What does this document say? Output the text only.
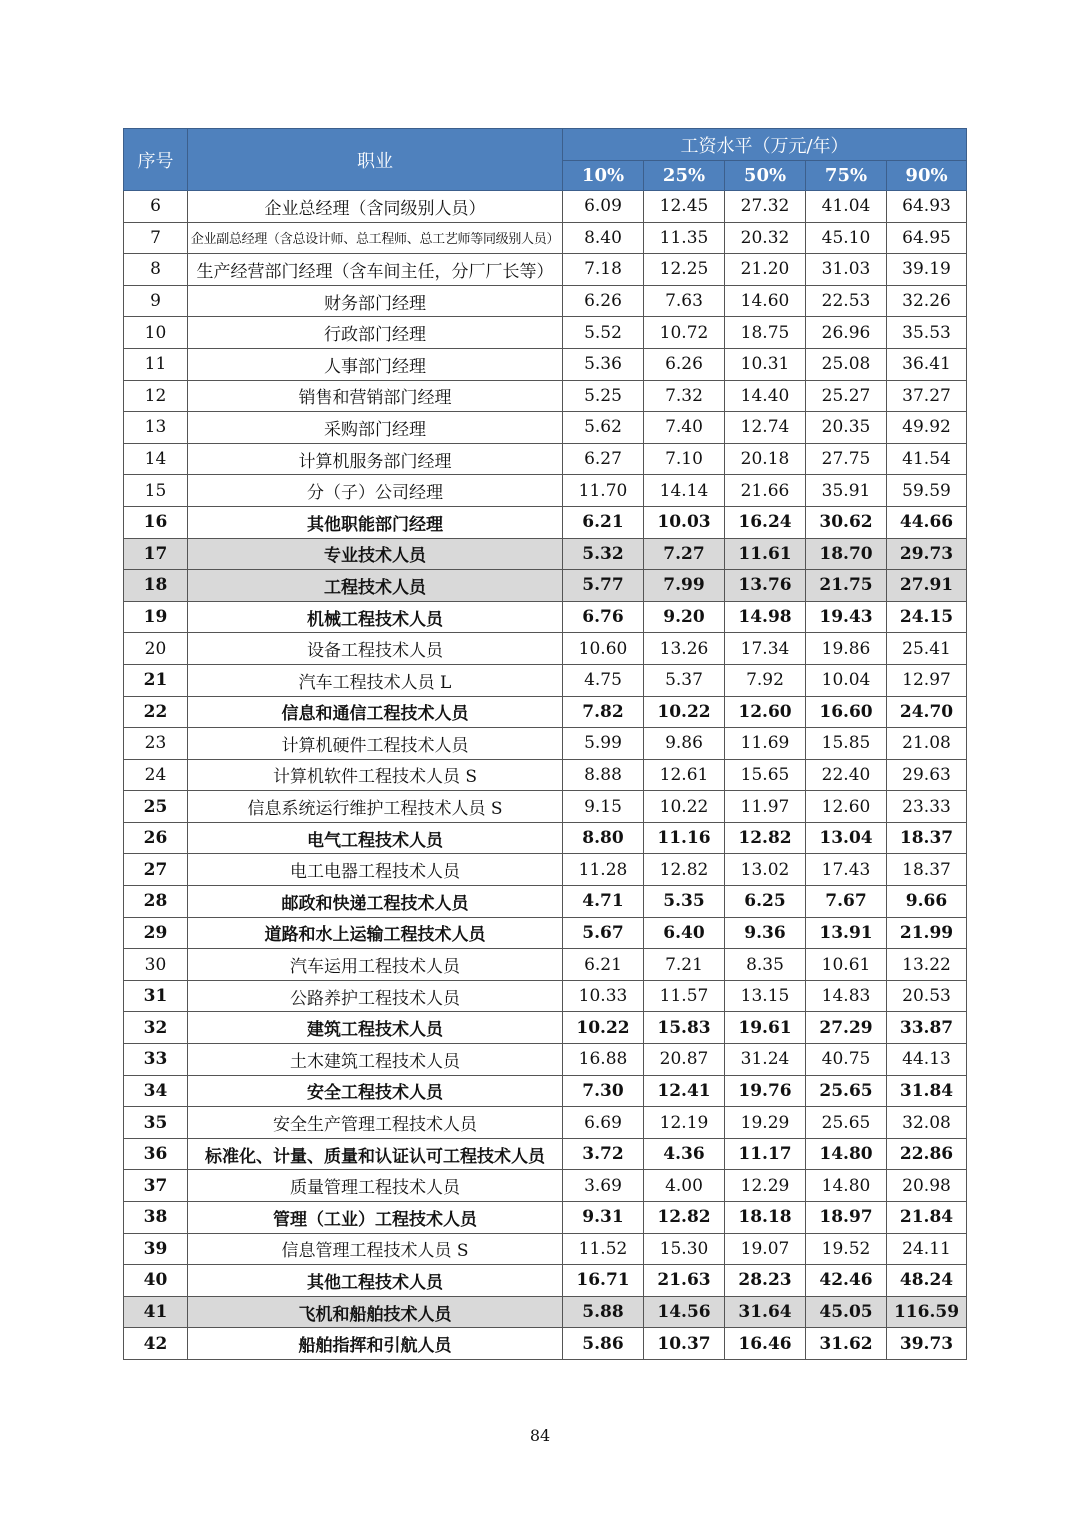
序号	职业	工资水平（万元/年）				
		10%	25%	50%	75%	90%
6	企业总经理（含同级别人员）	6.09	12.45	27.32	41.04	64.93
7	企业副总经理（含总设计师、总工程师、总工艺师等同级别人员）	8.40	11.35	20.32	45.10	64.95
8	生产经营部门经理（含车间主任，分厂厂长等）	7.18	12.25	21.20	31.03	39.19
9	财务部门经理	6.26	7.63	14.60	22.53	32.26
10	行政部门经理	5.52	10.72	18.75	26.96	35.53
11	人事部门经理	5.36	6.26	10.31	25.08	36.41
12	销售和营销部门经理	5.25	7.32	14.40	25.27	37.27
13	采购部门经理	5.62	7.40	12.74	20.35	49.92
14	计算机服务部门经理	6.27	7.10	20.18	27.75	41.54
15	分（子）公司经理	11.70	14.14	21.66	35.91	59.59
16	其他职能部门经理	6.21	10.03	16.24	30.62	44.66
17	专业技术人员	5.32	7.27	11.61	18.70	29.73
18	工程技术人员	5.77	7.99	13.76	21.75	27.91
19	机械工程技术人员	6.76	9.20	14.98	19.43	24.15
20	设备工程技术人员	10.60	13.26	17.34	19.86	25.41
21	汽车工程技术人员 L	4.75	5.37	7.92	10.04	12.97
22	信息和通信工程技术人员	7.82	10.22	12.60	16.60	24.70
23	计算机硬件工程技术人员	5.99	9.86	11.69	15.85	21.08
24	计算机软件工程技术人员 S	8.88	12.61	15.65	22.40	29.63
25	信息系统运行维护工程技术人员 S	9.15	10.22	11.97	12.60	23.33
26	电气工程技术人员	8.80	11.16	12.82	13.04	18.37
27	电工电器工程技术人员	11.28	12.82	13.02	17.43	18.37
28	邮政和快递工程技术人员	4.71	5.35	6.25	7.67	9.66
29	道路和水上运输工程技术人员	5.67	6.40	9.36	13.91	21.99
30	汽车运用工程技术人员	6.21	7.21	8.35	10.61	13.22
31	公路养护工程技术人员	10.33	11.57	13.15	14.83	20.53
32	建筑工程技术人员	10.22	15.83	19.61	27.29	33.87
33	土木建筑工程技术人员	16.88	20.87	31.24	40.75	44.13
34	安全工程技术人员	7.30	12.41	19.76	25.65	31.84
35	安全生产管理工程技术人员	6.69	12.19	19.29	25.65	32.08
36	标准化、计量、质量和认证认可工程技术人员	3.72	4.36	11.17	14.80	22.86
37	质量管理工程技术人员	3.69	4.00	12.29	14.80	20.98
38	管理（工业）工程技术人员	9.31	12.82	18.18	18.97	21.84
39	信息管理工程技术人员 S	11.52	15.30	19.07	19.52	24.11
40	其他工程技术人员	16.71	21.63	28.23	42.46	48.24
41	飞机和船舶技术人员	5.88	14.56	31.64	45.05	116.59
42	船舶指挥和引航人员	5.86	10.37	16.46	31.62	39.73
84
